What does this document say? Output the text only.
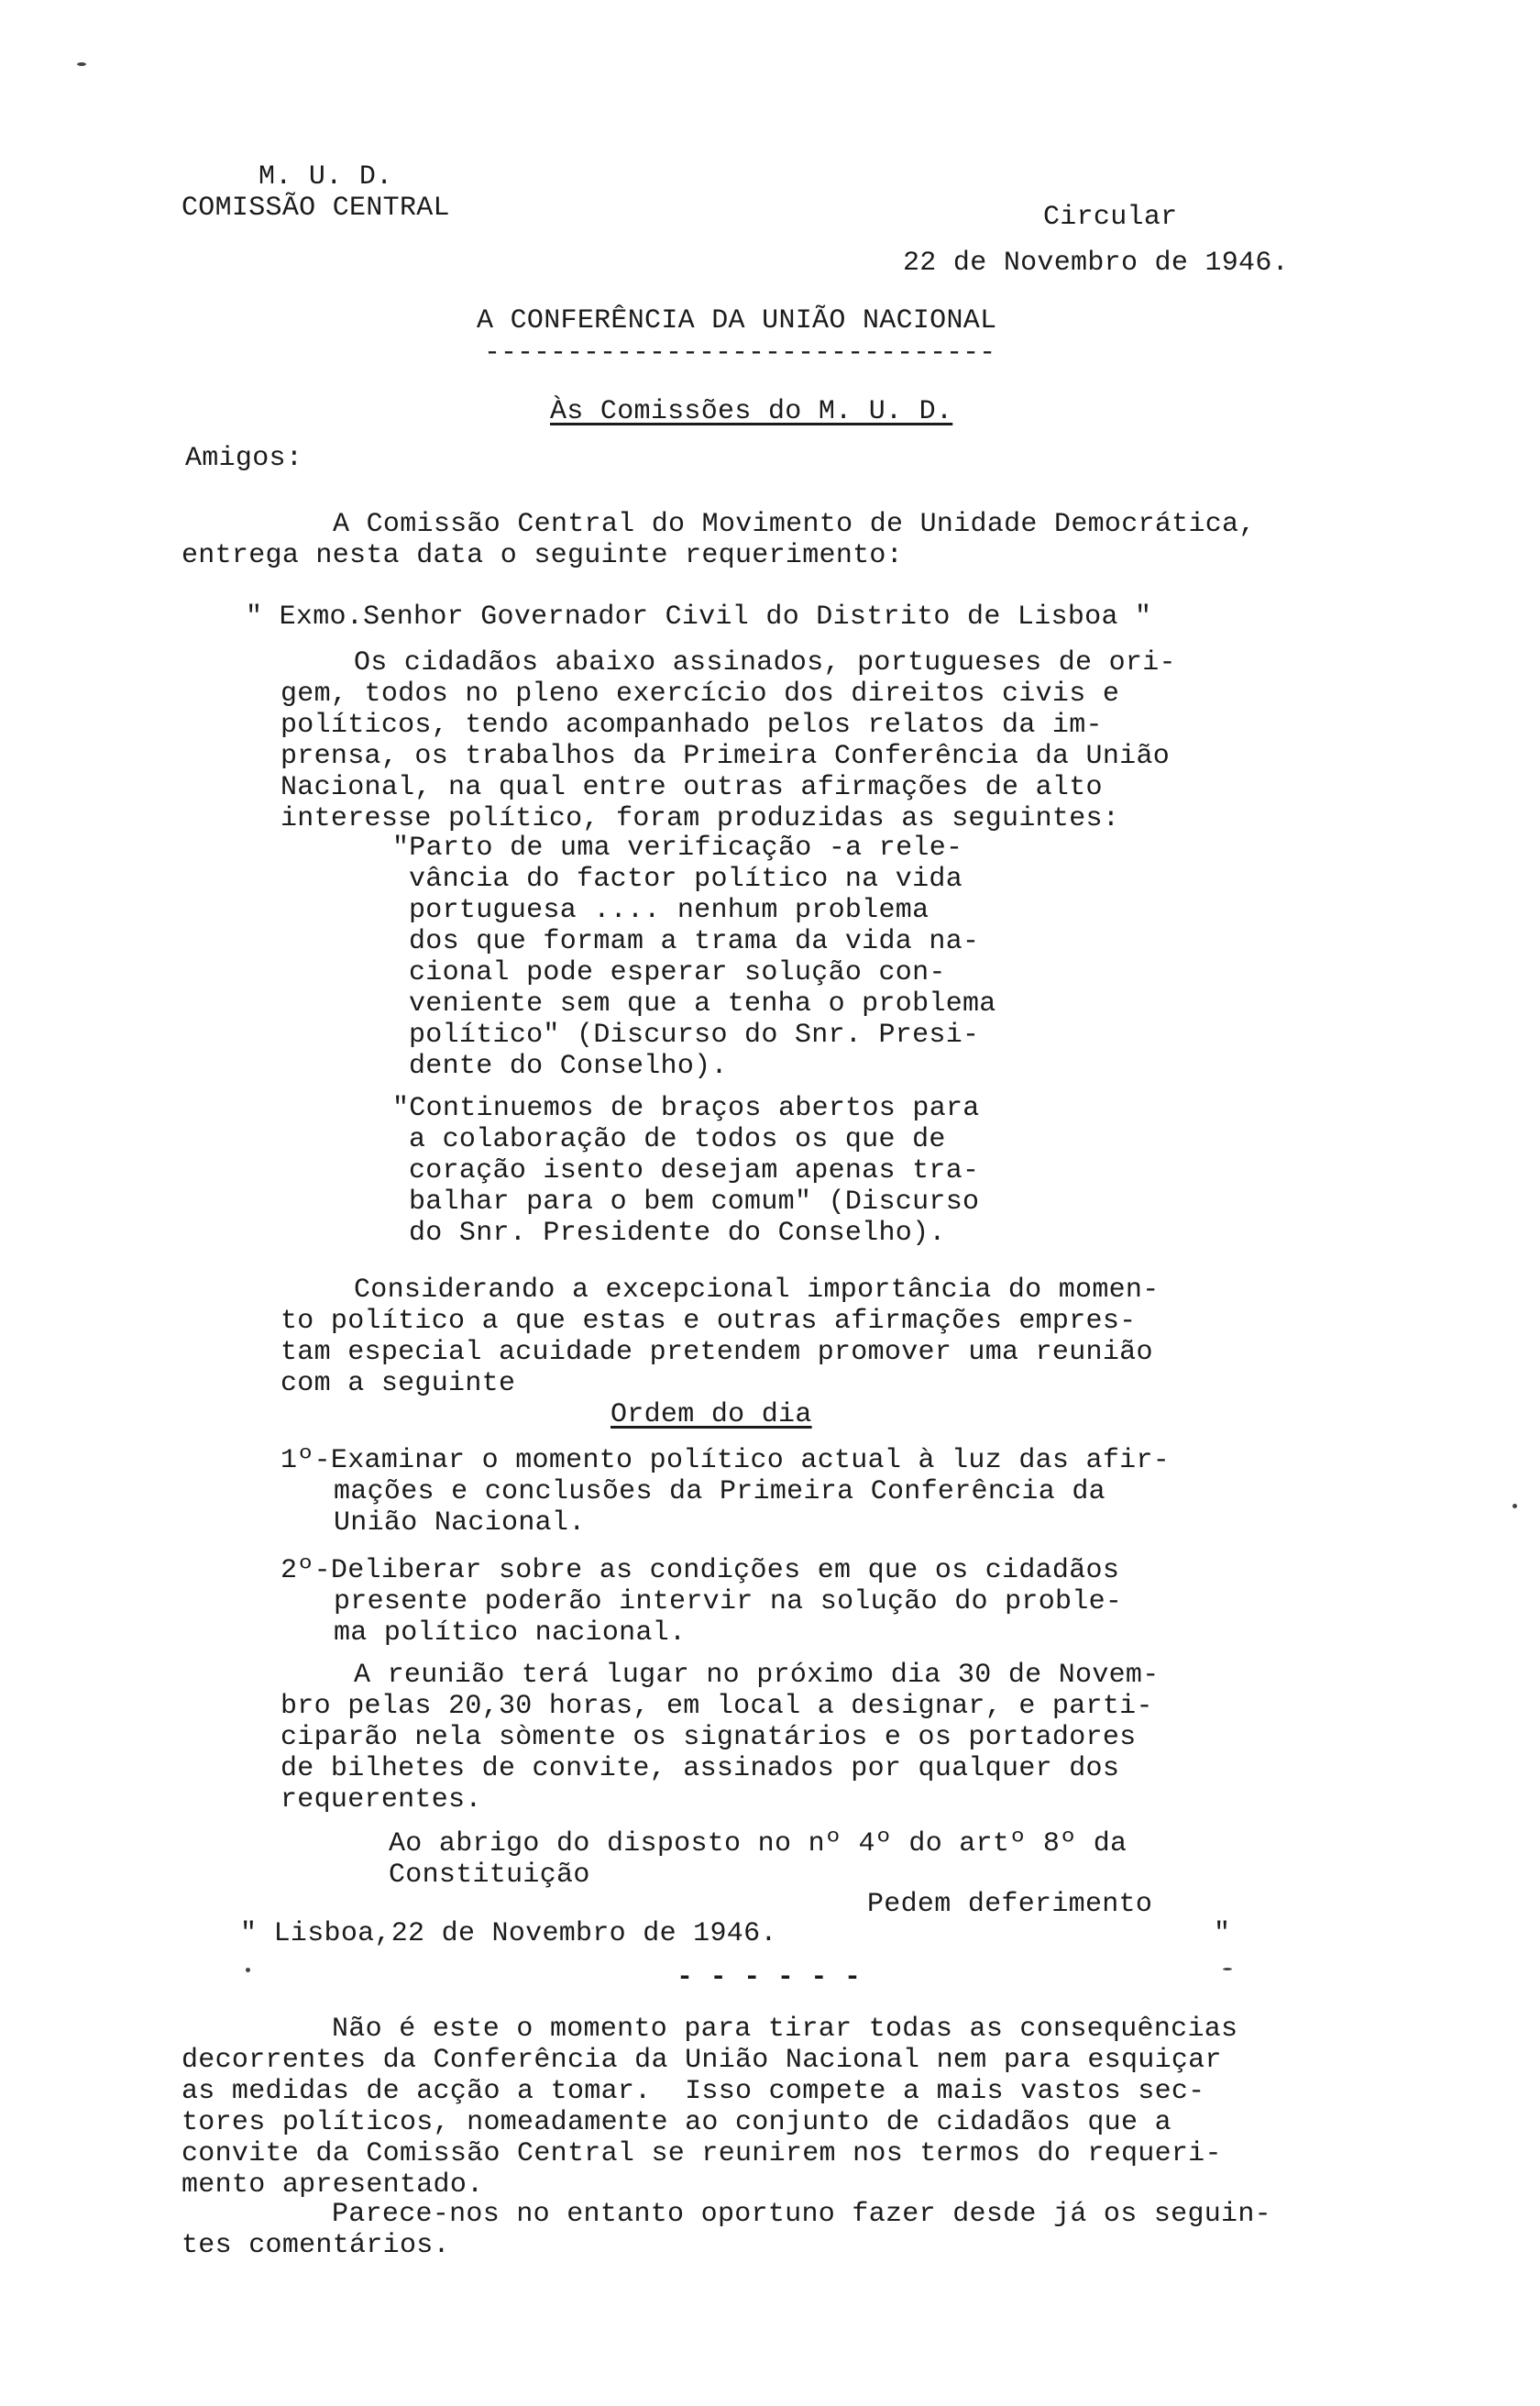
M. U. D.
COMISSÃO CENTRAL	Circular
22 de Novembro de 1946.
A CONFERÊNCIA DA UNIÃO NACIONAL
-------------------------------
Às Comissões do M. U. D.
Amigos:
A Comissão Central do Movimento de Unidade Democrática,
entrega nesta data o seguinte requerimento:
" Exmo.Senhor Governador Civil do Distrito de Lisboa "
Os cidadãos abaixo assinados, portugueses de ori-
gem, todos no pleno exercício dos direitos civis e
políticos, tendo acompanhado pelos relatos da im-
prensa, os trabalhos da Primeira Conferência da União
Nacional, na qual entre outras afirmações de alto
interesse político, foram produzidas as seguintes:
"Parto de uma verificação -a rele-
vância do factor político na vida
portuguesa .... nenhum problema
dos que formam a trama da vida na-
cional pode esperar solução con-
veniente sem que a tenha o problema
político" (Discurso do Snr. Presi-
dente do Conselho).
"Continuemos de braços abertos para
a colaboração de todos os que de
coração isento desejam apenas tra-
balhar para o bem comum" (Discurso
do Snr. Presidente do Conselho).
Considerando a excepcional importância do momen-
to político a que estas e outras afirmações empres-
tam especial acuidade pretendem promover uma reunião
com a seguinte
Ordem do dia
1º-Examinar o momento político actual à luz das afir-
mações e conclusões da Primeira Conferência da
União Nacional.
2º-Deliberar sobre as condições em que os cidadãos
presente poderão intervir na solução do proble-
ma político nacional.
A reunião terá lugar no próximo dia 30 de Novem-
bro pelas 20,30 horas, em local a designar, e parti-
ciparão nela sòmente os signatários e os portadores
de bilhetes de convite, assinados por qualquer dos
requerentes.
Ao abrigo do disposto no nº 4º do artº 8º da
Constituição
Pedem deferimento
" Lisboa,22 de Novembro de 1946.	"
- - - - - -
Não é este o momento para tirar todas as consequências
decorrentes da Conferência da União Nacional nem para esquiçar
as medidas de acção a tomar.  Isso compete a mais vastos sec-
tores políticos, nomeadamente ao conjunto de cidadãos que a
convite da Comissão Central se reunirem nos termos do requeri-
mento apresentado.
Parece-nos no entanto oportuno fazer desde já os seguin-
tes comentários.
